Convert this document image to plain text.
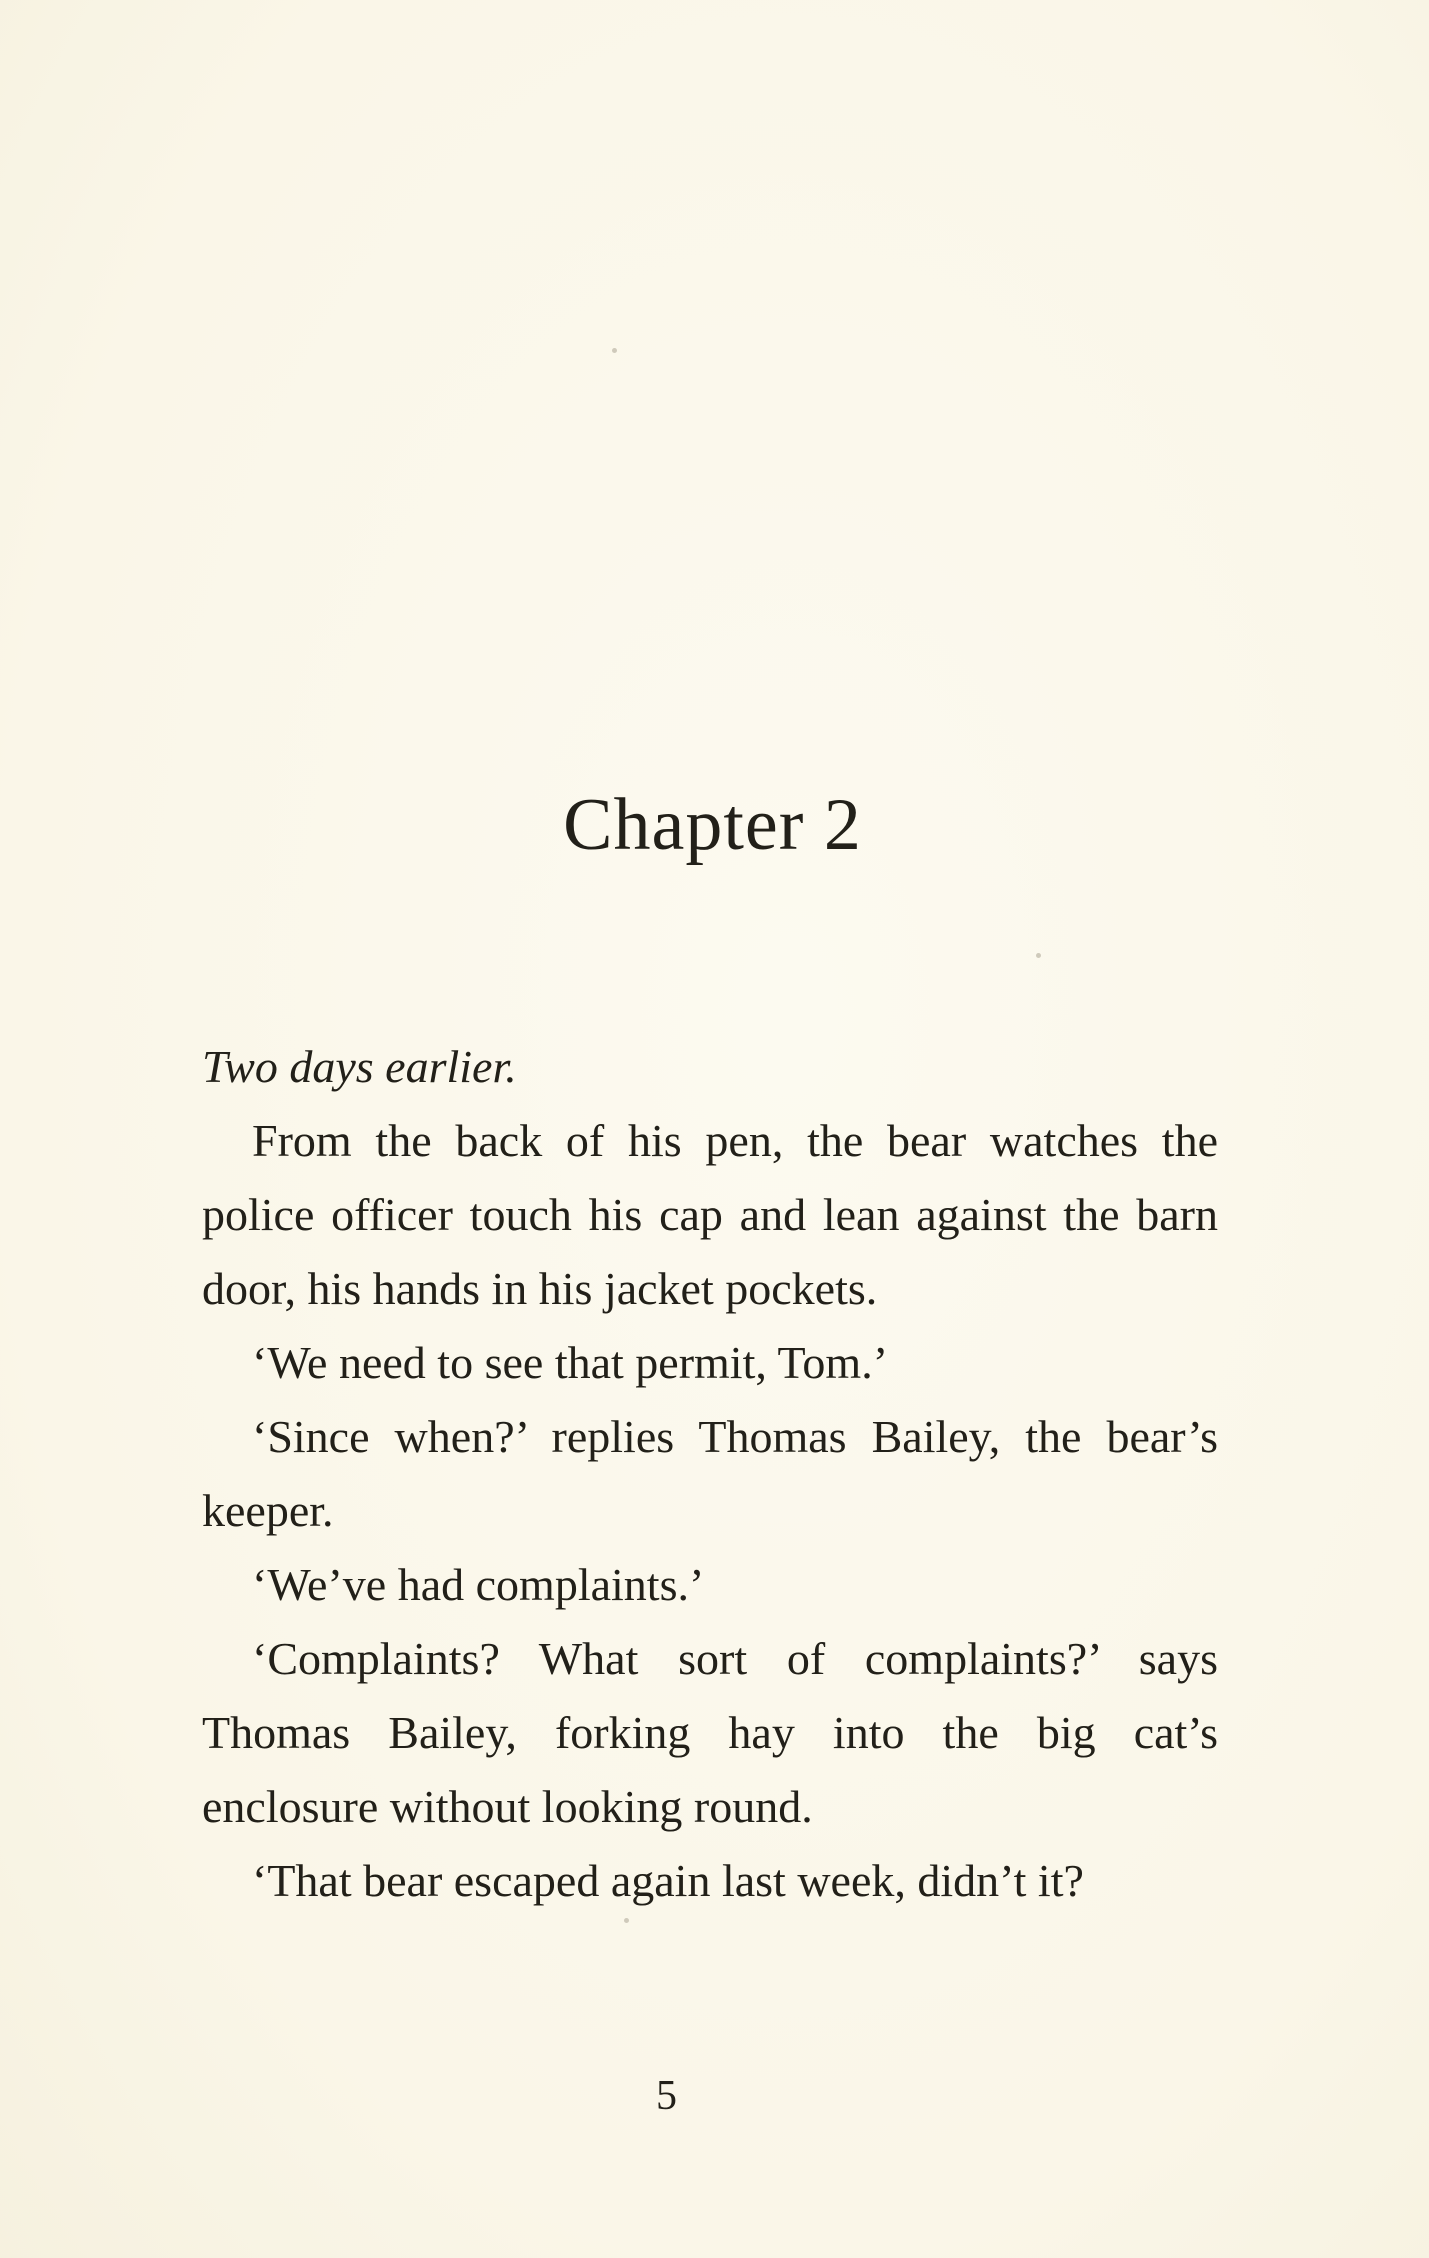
Chapter 2

Two days earlier.

From the back of his pen, the bear watches the police officer touch his cap and lean against the barn door, his hands in his jacket pockets.

‘We need to see that permit, Tom.’

‘Since when?’ replies Thomas Bailey, the bear’s keeper.

‘We’ve had complaints.’

‘Complaints? What sort of complaints?’ says Thomas Bailey, forking hay into the big cat’s enclosure without looking round.

‘That bear escaped again last week, didn’t it?

5
